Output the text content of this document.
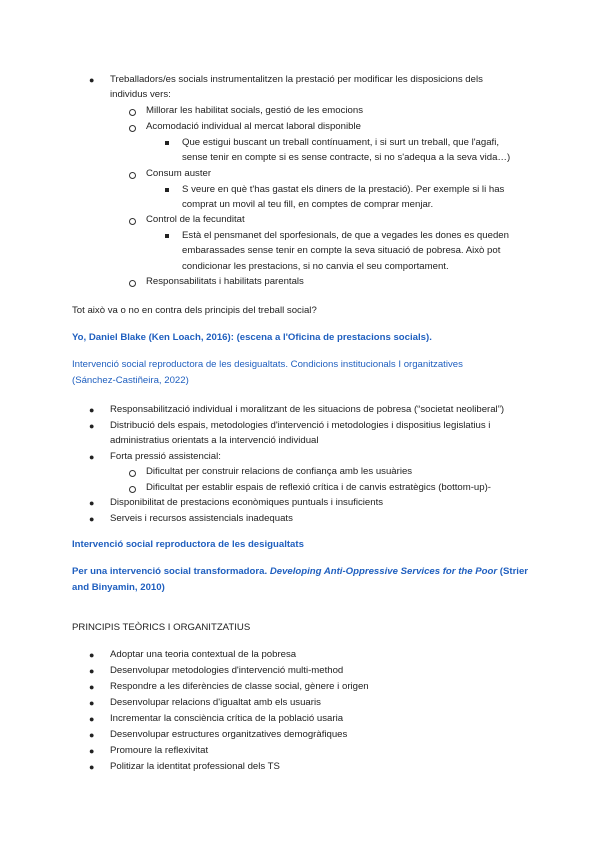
● Treballadors/es socials instrumentalitzen la prestació per modificar les disposicions dels
individus vers:
Millorar les habilitat socials, gestió de les emocions
Acomodació individual al mercat laboral disponible
Que estigui buscant un treball contínuament, i si surt un treball, que l'agafi,
sense tenir en compte si es sense contracte, si no s'adequa a la seva vida…)
Consum auster
S veure en què t'has gastat els diners de la prestació). Per exemple si li has
comprat un movil al teu fill, en comptes de comprar menjar.
Control de la fecunditat
Està el pensmanet del sporfesionals, de que a vegades les dones es queden
embarassades sense tenir en compte la seva situació de pobresa. Això pot
condicionar les prestacions, si no canvia el seu comportament.
Responsabilitats i habilitats parentals
Tot això va o no en contra dels principis del treball social?
Yo, Daniel Blake (Ken Loach, 2016): (escena a l'Oficina de prestacions socials).
Intervenció social reproductora de les desigualtats. Condicions institucionals I organitzatives
(Sánchez-Castiñeira, 2022)
● Responsabilització individual i moralitzant de les situacions de pobresa (“societat neoliberal”)
● Distribució dels espais, metodologies d'intervenció i metodologies i dispositius legislatius i
administratius orientats a la intervenció individual
● Forta pressió assistencial:
Dificultat per construir relacions de confiança amb les usuàries
Dificultat per establir espais de reflexió crítica i de canvis estratègics (bottom-up)-
● Disponibilitat de prestacions econòmiques puntuals i insuficients
● Serveis i recursos assistencials inadequats
Intervenció social reproductora de les desigualtats
Per una intervenció social transformadora. Developing Anti-Oppressive Services for the Poor (Strier
and Binyamin, 2010)
PRINCIPIS TEÒRICS I ORGANITZATIUS
● Adoptar una teoria contextual de la pobresa
● Desenvolupar metodologies d'intervenció multi-method
● Respondre a les diferències de classe social, gènere i origen
● Desenvolupar relacions d'igualtat amb els usuaris
● Incrementar la consciència crítica de la població usaria
● Desenvolupar estructures organitzatives demogràfiques
● Promoure la reflexivitat
● Politizar la identitat professional dels TS
